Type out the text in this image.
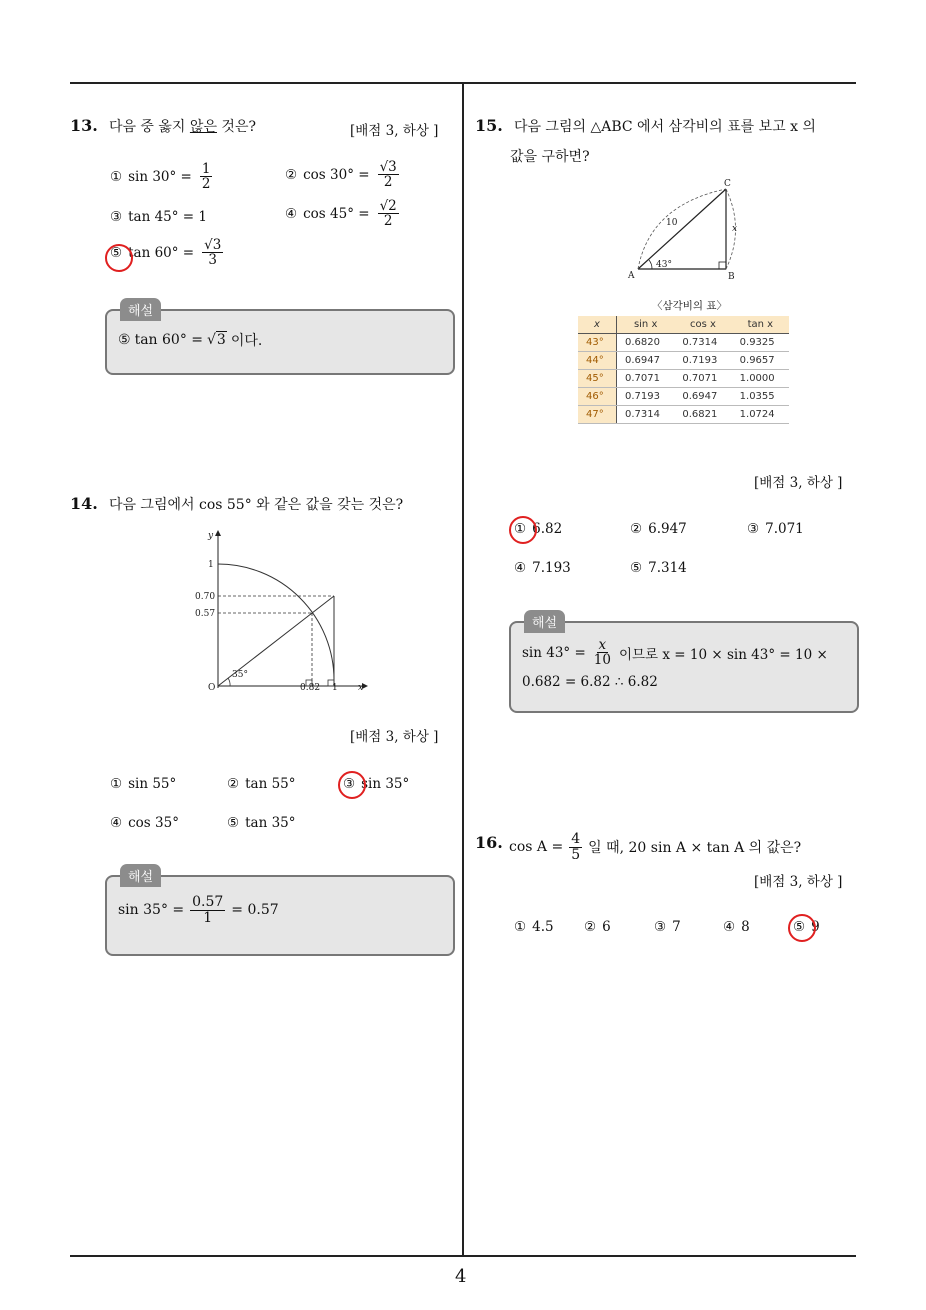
4
13. 다음 중 옳지 않은 것은?	[배점 3, 하상 ]
① $\sin 30^\circ = \frac{1}{2}$	② $\cos 30^\circ = \frac{√3}{2}$
③ tan 45° = 1	④ $\cos 45^\circ = \frac{√2}{2}$
⑤ $\tan 60^\circ = \frac{√3}{3}$
해설
⑤ tan 60° = √3 이다.
14. 다음 그림에서 cos 55° 와 같은 값을 갖는 것은?
y
x
O
1
0.70
0.57
0.82 1
35°
[배점 3, 하상 ]
① sin 55°	② tan 55°	③ sin 35°
④ cos 35°	⑤ tan 35°
해설
$\sin 35^\circ = \frac{0.57}{1} = 0.57$
15. 다음 그림의 △ABC 에서 삼각비의 표를 보고 x 의
값을 구하면?
A	B
C
10
x
43°
〈삼각비의 표〉
x	sin x	cos x	tan x
43°	0.6820	0.7314	0.9325
44°	0.6947	0.7193	0.9657
45°	0.7071	0.7071	1.0000
46°	0.7193	0.6947	1.0355
47°	0.7314	0.6821	1.0724
[배점 3, 하상 ]
① 6.82	② 6.947	③ 7.071
④ 7.193	⑤ 7.314
해설
$\sin 43^\circ = \frac{x}{10}$ 이므로 x = 10 × sin 43° = 10 ×
0.682 = 6.82 ∴ 6.82
16. $\cos A = \frac{4}{5}$ 일 때, 20 sin A × tan A 의 값은?
[배점 3, 하상 ]
① 4.5 ② 6	③ 7	④ 8	⑤ 9
